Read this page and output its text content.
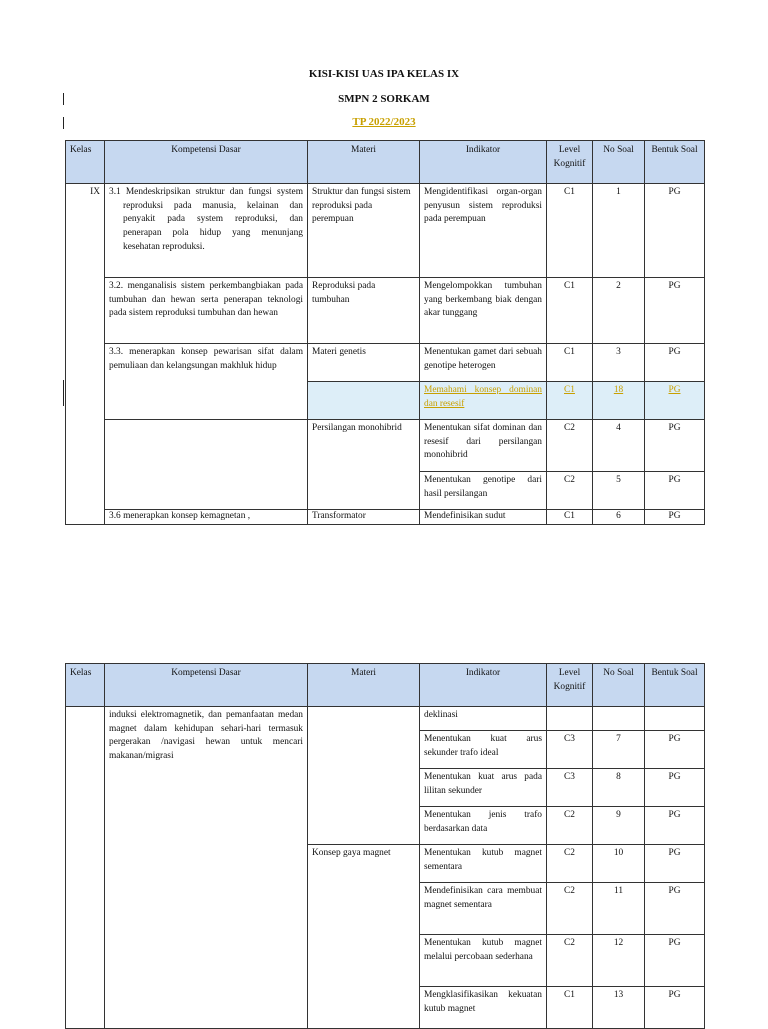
KISI-KISI UAS IPA KELAS IX
SMPN 2 SORKAM
TP 2022/2023
Kelas	Kompetensi Dasar	Materi	Indikator	Level Kognitif	No Soal	Bentuk Soal
IX	3.1 Mendeskripsikan struktur dan fungsi system reproduksi pada manusia, kelainan dan penyakit pada system reproduksi, dan penerapan pola hidup yang menunjang kesehatan reproduksi.	Struktur dan fungsi sistem reproduksi pada perempuan	Mengidentifikasi organ-organ penyusun sistem reproduksi pada perempuan	C1	1	PG
	3.2. menganalisis sistem perkembangbiakan pada tumbuhan dan hewan serta penerapan teknologi pada sistem reproduksi tumbuhan dan hewan	Reproduksi pada tumbuhan	Mengelompokkan tumbuhan yang berkembang biak dengan akar tunggang	C1	2	PG
	3.3. menerapkan konsep pewarisan sifat dalam pemuliaan dan kelangsungan makhluk hidup	Materi genetis	Menentukan gamet dari sebuah genotipe heterogen	C1	3	PG
			Memahami konsep dominan dan resesif	C1	18	PG
		Persilangan monohibrid	Menentukan sifat dominan dan resesif dari persilangan monohibrid	C2	4	PG
			Menentukan genotipe dari hasil persilangan	C2	5	PG
	3.6 menerapkan konsep kemagnetan ,	Transformator	Mendefinisikan sudut	C1	6	PG
Kelas	Kompetensi Dasar	Materi	Indikator	Level Kognitif	No Soal	Bentuk Soal
	induksi elektromagnetik, dan pemanfaatan medan magnet dalam kehidupan sehari-hari termasuk pergerakan /navigasi hewan untuk mencari makanan/migrasi		deklinasi			
			Menentukan kuat arus sekunder trafo ideal	C3	7	PG
			Menentukan kuat arus pada lilitan sekunder	C3	8	PG
			Menentukan jenis trafo berdasarkan data	C2	9	PG
		Konsep gaya magnet	Menentukan kutub magnet sementara	C2	10	PG
			Mendefinisikan cara membuat magnet sementara	C2	11	PG
			Menentukan kutub magnet melalui percobaan sederhana	C2	12	PG
			Mengklasifikasikan kekuatan kutub magnet	C1	13	PG
